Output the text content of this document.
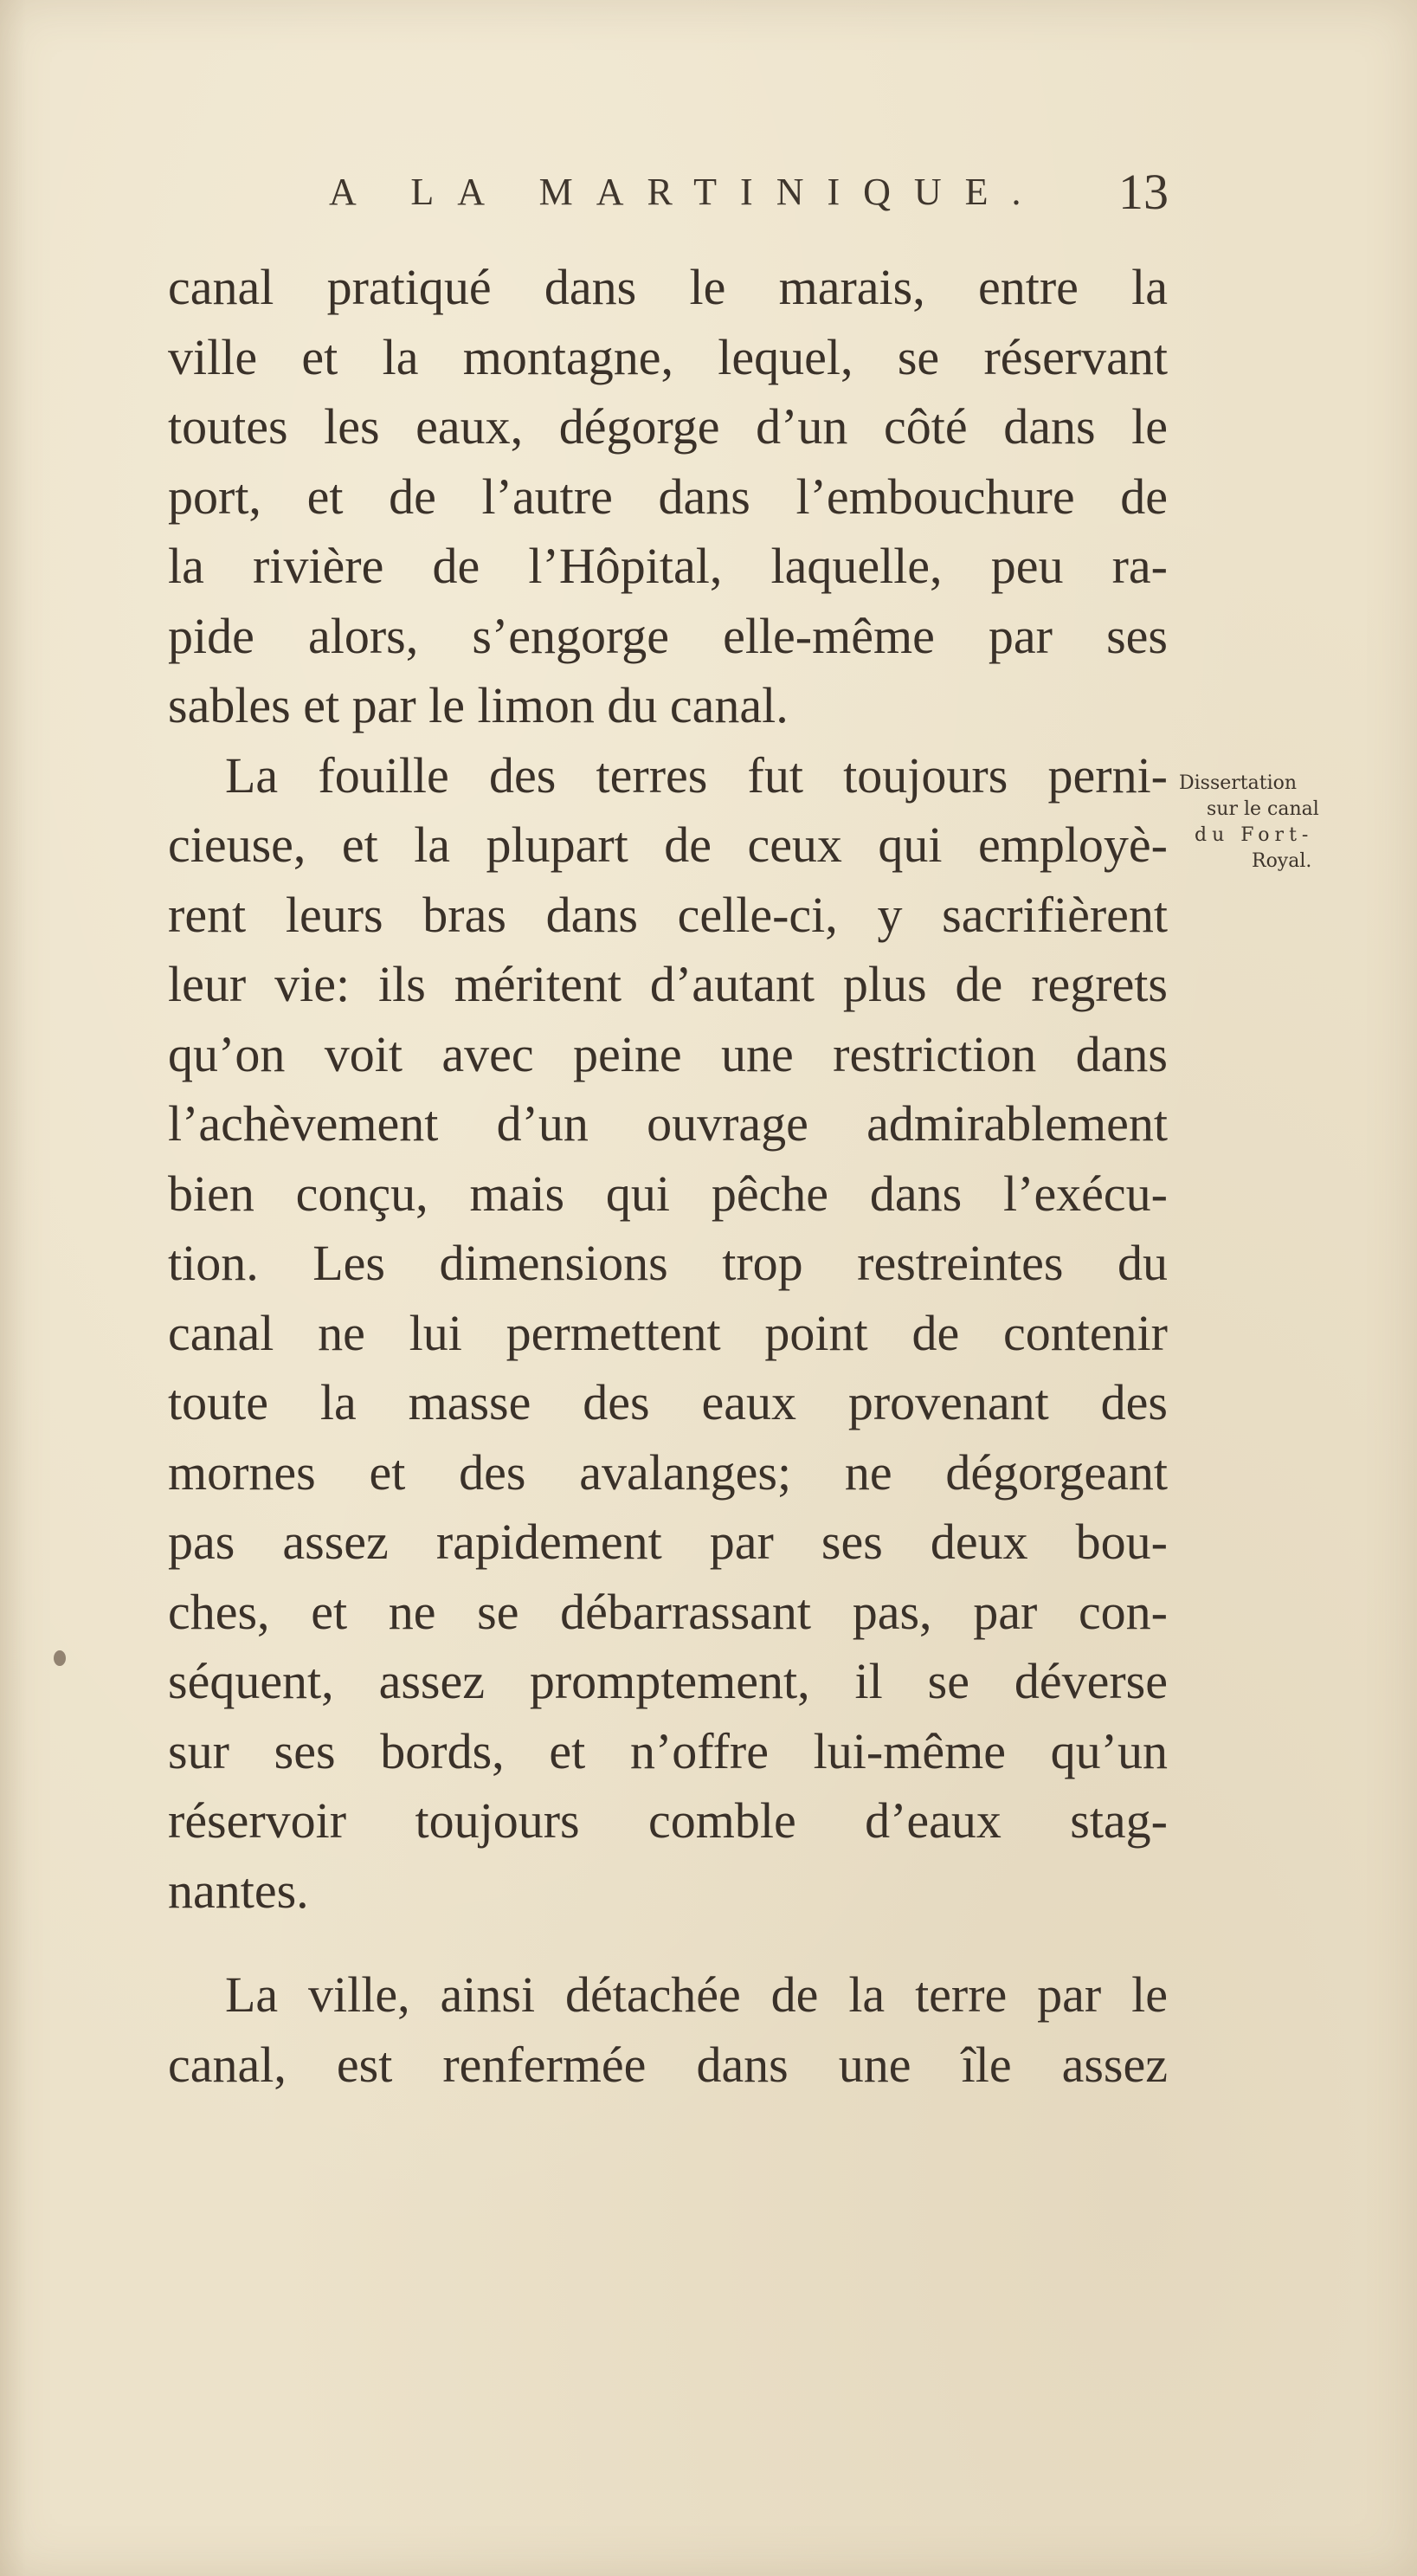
A LA MARTINIQUE. 13
canal pratiqué dans le marais, entre la
ville et la montagne, lequel, se réservant
toutes les eaux, dégorge d’un côté dans le
port, et de l’autre dans l’embouchure de
la rivière de l’Hôpital, laquelle, peu ra-
pide alors, s’engorge elle-même par ses
sables et par le limon du canal.
La fouille des terres fut toujours perni-
cieuse, et la plupart de ceux qui employè-
rent leurs bras dans celle-ci, y sacrifièrent
leur vie: ils méritent d’autant plus de regrets
qu’on voit avec peine une restriction dans
l’achèvement d’un ouvrage admirablement
bien conçu, mais qui pêche dans l’exécu-
tion. Les dimensions trop restreintes du
canal ne lui permettent point de contenir
toute la masse des eaux provenant des
mornes et des avalanges; ne dégorgeant
pas assez rapidement par ses deux bou-
ches, et ne se débarrassant pas, par con-
séquent, assez promptement, il se déverse
sur ses bords, et n’offre lui-même qu’un
réservoir toujours comble d’eaux stag-
nantes.
La ville, ainsi détachée de la terre par le
canal, est renfermée dans une île assez
Dissertation
sur le canal
du Fort-
Royal.
